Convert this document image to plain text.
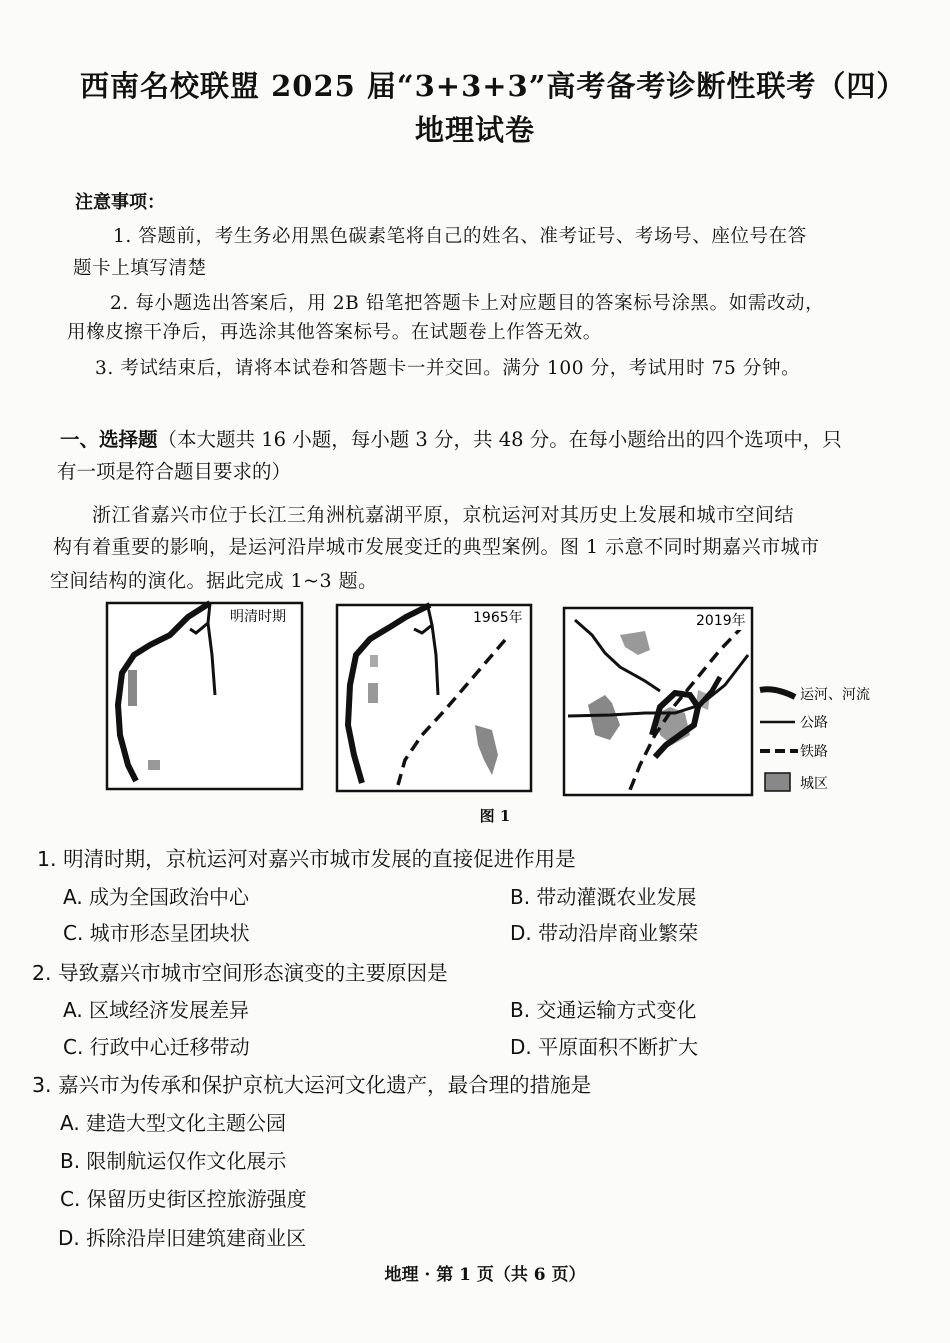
西南名校联盟 2025 届“3+3+3”高考备考诊断性联考（四）
地理试卷
注意事项：
1. 答题前，考生务必用黑色碳素笔将自己的姓名、准考证号、考场号、座位号在答
题卡上填写清楚
2. 每小题选出答案后，用 2B 铅笔把答题卡上对应题目的答案标号涂黑。如需改动，
用橡皮擦干净后，再选涂其他答案标号。在试题卷上作答无效。
3. 考试结束后，请将本试卷和答题卡一并交回。满分 100 分，考试用时 75 分钟。
一、选择题（本大题共 16 小题，每小题 3 分，共 48 分。在每小题给出的四个选项中，只
有一项是符合题目要求的）
浙江省嘉兴市位于长江三角洲杭嘉湖平原，京杭运河对其历史上发展和城市空间结
构有着重要的影响，是运河沿岸城市发展变迁的典型案例。图 1 示意不同时期嘉兴市城市
空间结构的演化。据此完成 1~3 题。
明清时期	1965年	2019年
运河、河流
公路
铁路
城区
图 1
1. 明清时期，京杭运河对嘉兴市城市发展的直接促进作用是
A. 成为全国政治中心	B. 带动灌溉农业发展
C. 城市形态呈团块状	D. 带动沿岸商业繁荣
2. 导致嘉兴市城市空间形态演变的主要原因是
A. 区域经济发展差异	B. 交通运输方式变化
C. 行政中心迁移带动	D. 平原面积不断扩大
3. 嘉兴市为传承和保护京杭大运河文化遗产，最合理的措施是
A. 建造大型文化主题公园
B. 限制航运仅作文化展示
C. 保留历史街区控旅游强度
D. 拆除沿岸旧建筑建商业区
地理 · 第 1 页（共 6 页）
